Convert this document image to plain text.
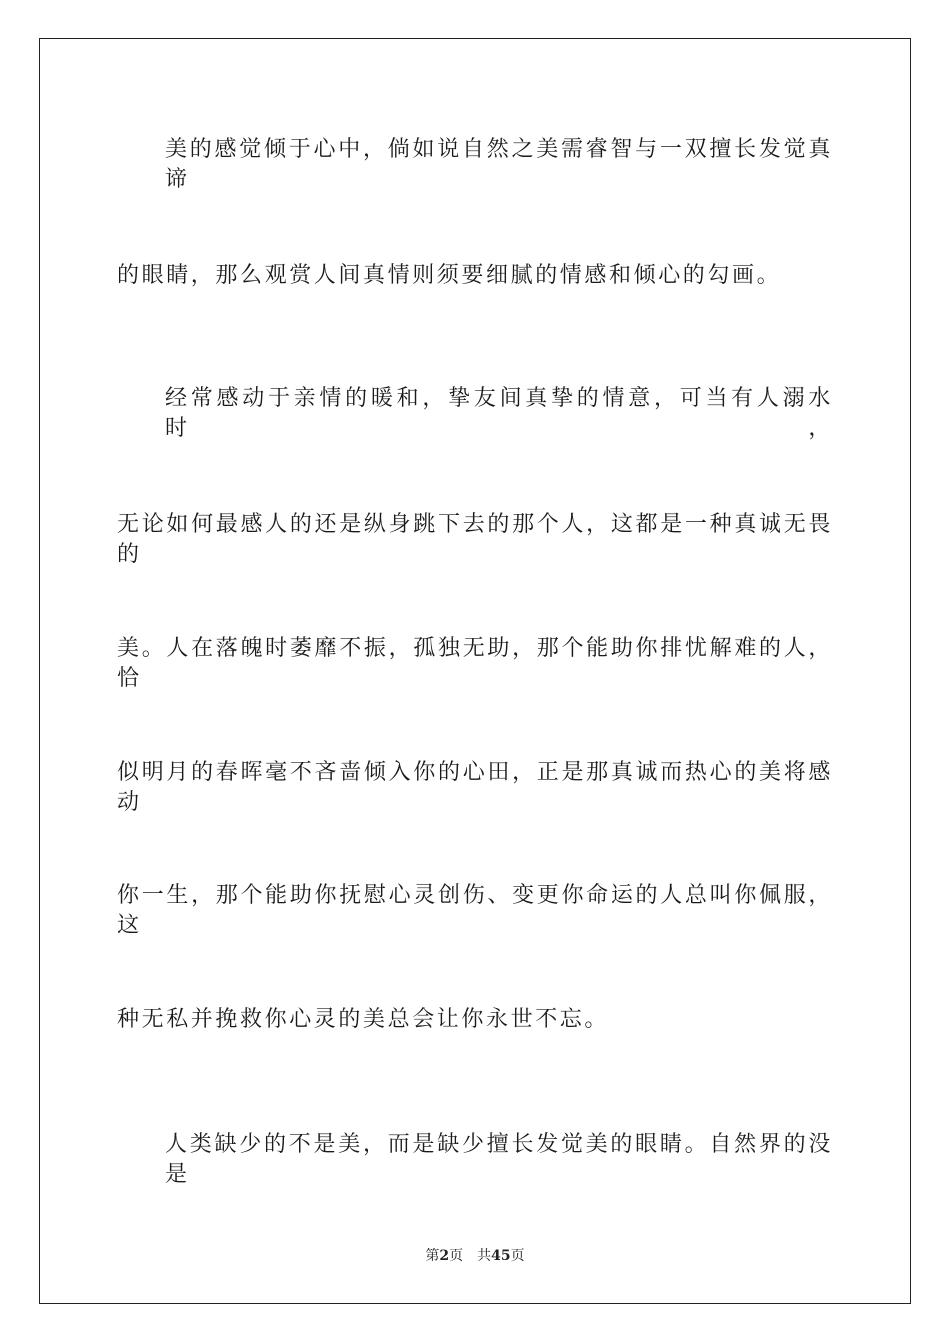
美的感觉倾于心中，倘如说自然之美需睿智与一双擅长发觉真谛
的眼睛，那么观赏人间真情则须要细腻的情感和倾心的勾画。
经常感动于亲情的暖和，挚友间真挚的情意，可当有人溺水时，
无论如何最感人的还是纵身跳下去的那个人，这都是一种真诚无畏的
美。人在落魄时萎靡不振，孤独无助，那个能助你排忧解难的人，恰
似明月的春晖毫不吝啬倾入你的心田，正是那真诚而热心的美将感动
你一生，那个能助你抚慰心灵创伤、变更你命运的人总叫你佩服，这
种无私并挽救你心灵的美总会让你永世不忘。
人类缺少的不是美，而是缺少擅长发觉美的眼睛。自然界的没是
第2页 共45页
